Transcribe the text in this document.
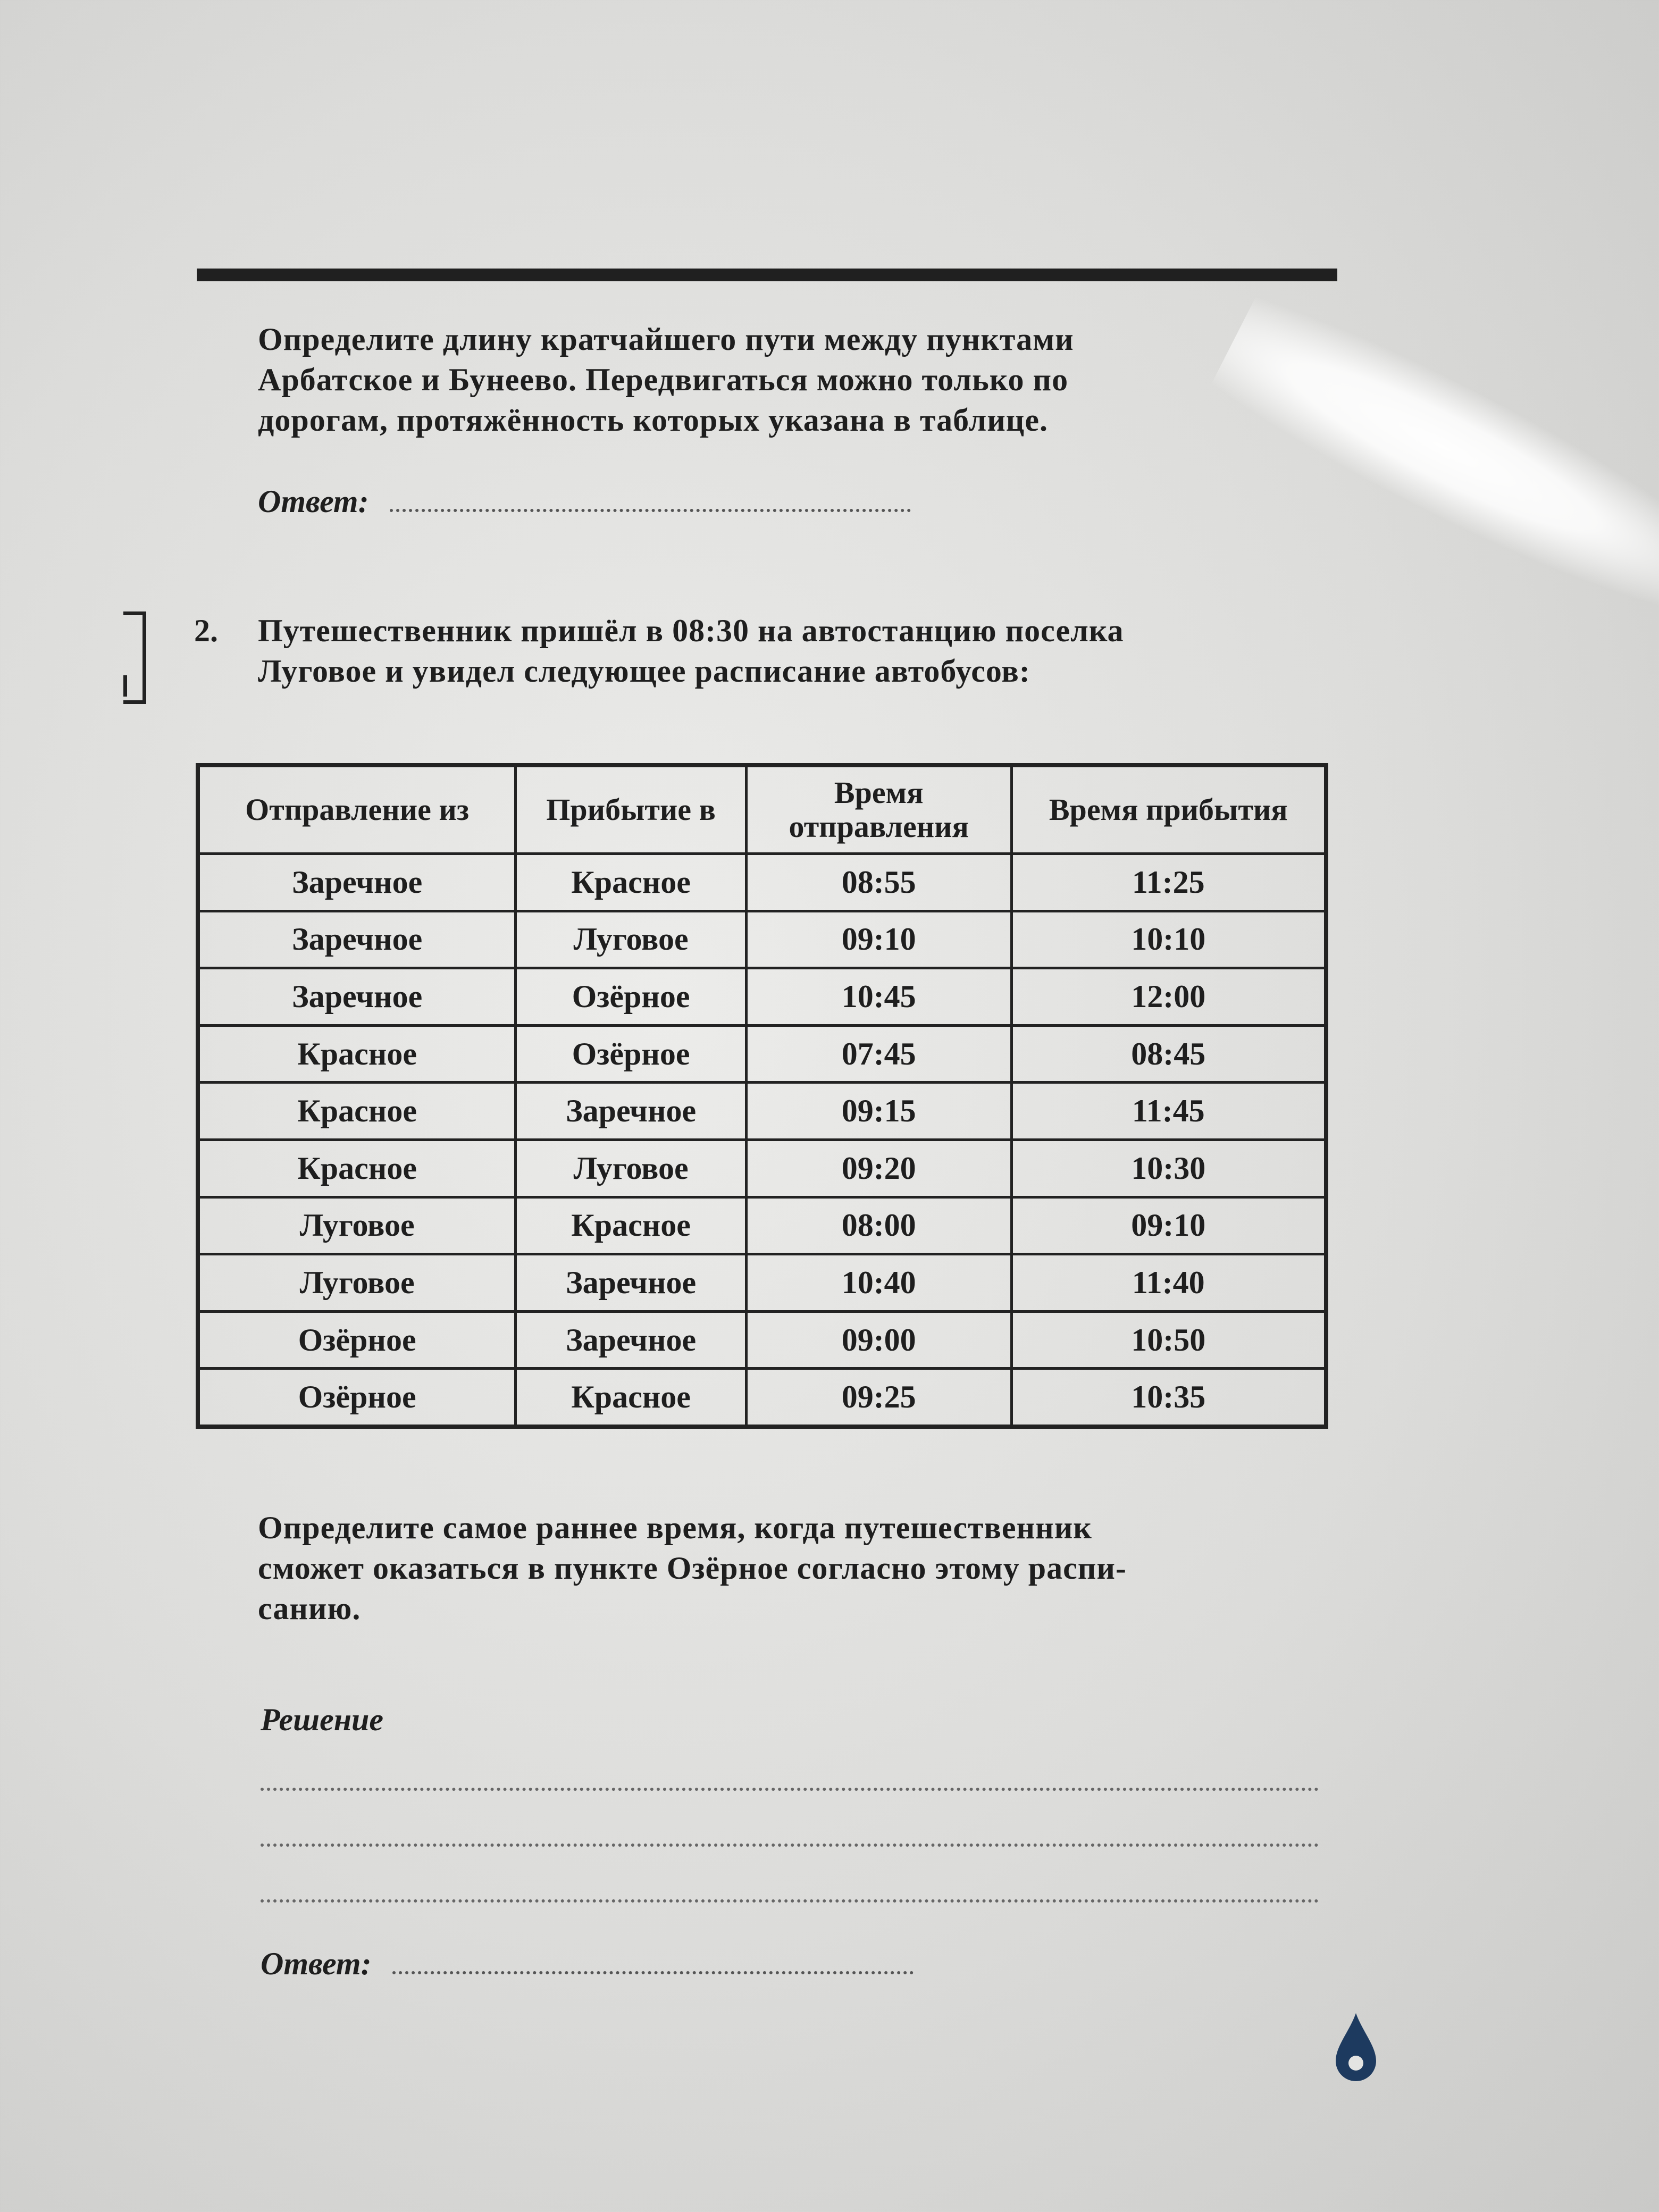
Определите длину кратчайшего пути между пунктами
Арбатское и Бунеево. Передвигаться можно только по
дорогам, протяжённость которых указана в таблице.
Ответ:
2. Путешественник пришёл в 08:30 на автостанцию поселка
Луговое и увидел следующее расписание автобусов:
Отправление из	Прибытие в	Время отправления	Время прибытия
Заречное	Красное	08:55	11:25
Заречное	Луговое	09:10	10:10
Заречное	Озёрное	10:45	12:00
Красное	Озёрное	07:45	08:45
Красное	Заречное	09:15	11:45
Красное	Луговое	09:20	10:30
Луговое	Красное	08:00	09:10
Луговое	Заречное	10:40	11:40
Озёрное	Заречное	09:00	10:50
Озёрное	Красное	09:25	10:35
Определите самое раннее время, когда путешественник
сможет оказаться в пункте Озёрное согласно этому распи-
санию.
Решение
Ответ:
